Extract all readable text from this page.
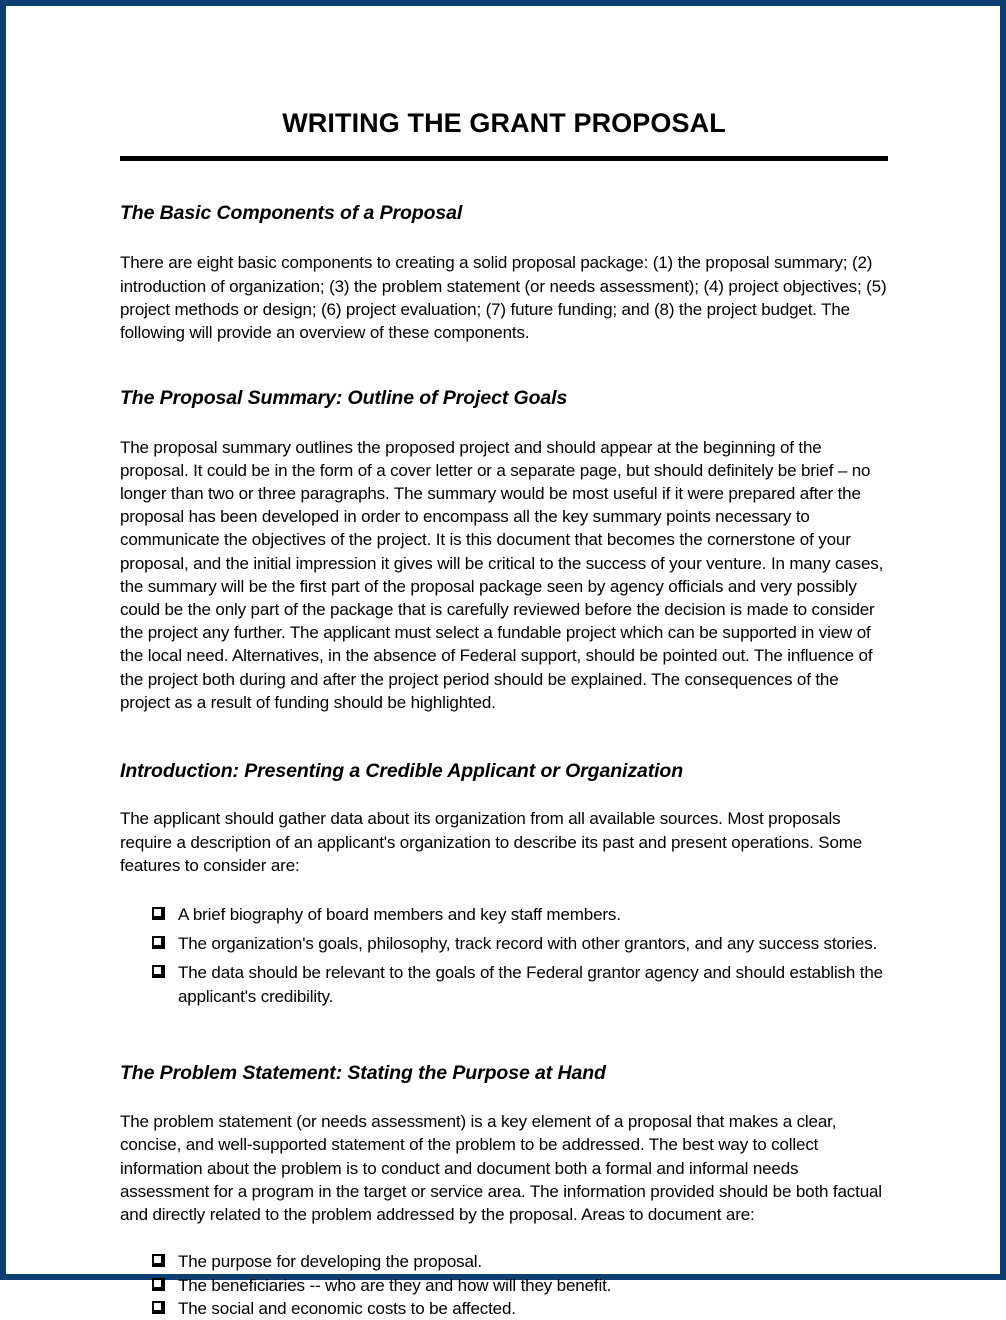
WRITING THE GRANT PROPOSAL
The Basic Components of a Proposal

There are eight basic components to creating a solid proposal package: (1) the proposal summary; (2) introduction of organization; (3) the problem statement (or needs assessment); (4) project objectives; (5) project methods or design; (6) project evaluation; (7) future funding; and (8) the project budget. The following will provide an overview of these components.

The Proposal Summary: Outline of Project Goals

The proposal summary outlines the proposed project and should appear at the beginning of the proposal. It could be in the form of a cover letter or a separate page, but should definitely be brief – no longer than two or three paragraphs. The summary would be most useful if it were prepared after the proposal has been developed in order to encompass all the key summary points necessary to communicate the objectives of the project. It is this document that becomes the cornerstone of your proposal, and the initial impression it gives will be critical to the success of your venture. In many cases, the summary will be the first part of the proposal package seen by agency officials and very possibly could be the only part of the package that is carefully reviewed before the decision is made to consider the project any further. The applicant must select a fundable project which can be supported in view of the local need. Alternatives, in the absence of Federal support, should be pointed out. The influence of the project both during and after the project period should be explained. The consequences of the project as a result of funding should be highlighted.

Introduction: Presenting a Credible Applicant or Organization

The applicant should gather data about its organization from all available sources. Most proposals require a description of an applicant's organization to describe its past and present operations. Some features to consider are:

A brief biography of board members and key staff members.
The organization's goals, philosophy, track record with other grantors, and any success stories.
The data should be relevant to the goals of the Federal grantor agency and should establish the applicant's credibility.
The Problem Statement: Stating the Purpose at Hand

The problem statement (or needs assessment) is a key element of a proposal that makes a clear, concise, and well-supported statement of the problem to be addressed. The best way to collect information about the problem is to conduct and document both a formal and informal needs assessment for a program in the target or service area. The information provided should be both factual and directly related to the problem addressed by the proposal. Areas to document are:

The purpose for developing the proposal.
The beneficiaries -- who are they and how will they benefit.
The social and economic costs to be affected.
